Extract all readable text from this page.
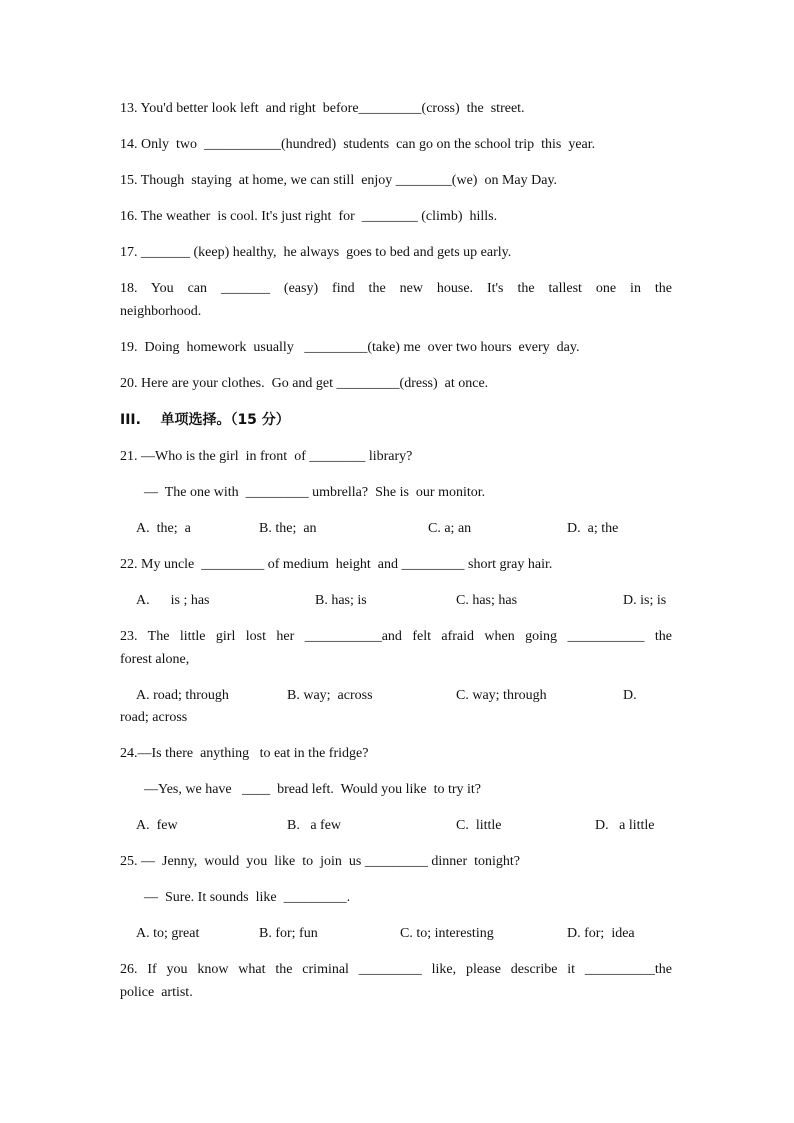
13. You'd better look left  and right  before_________(cross)  the  street.
14. Only  two  ___________(hundred)  students  can go on the school trip  this  year.
15. Though  staying  at home, we can still  enjoy ________(we)  on May Day.
16. The weather  is cool. It's just right  for  ________ (climb)  hills.
17. _______ (keep) healthy,  he always  goes to bed and gets up early.
18. You can _______ (easy) find the new house. It's the tallest one in the
neighborhood.
19.  Doing  homework  usually   _________(take) me  over two hours  every  day.
20. Here are your clothes.  Go and get _________(dress)  at once.
III.    单项选择。（15 分）
21. —Who is the girl  in front  of ________ library?
—  The one with  _________ umbrella?  She is  our monitor.
A.  the;  a	B. the;  an	C. a; an	D.  a; the
22. My uncle  _________ of medium  height  and _________ short gray hair.
A.      is ; has	B. has; is	C. has; has	D. is; is
23. The little girl lost her ___________and felt afraid when going ___________ the
forest alone,
A. road; through	B. way;  across	C. way; through	D.
road; across
24.—Is there  anything   to eat in the fridge?
—Yes, we have   ____  bread left.  Would you like  to try it?
A.  few	B.   a few	C.  little	D.   a little
25. —  Jenny,  would  you  like  to  join  us _________ dinner  tonight?
—  Sure. It sounds  like  _________.
A. to; great	B. for; fun	C. to; interesting	D. for;  idea
26. If you know what the criminal _________ like, please describe it __________the
police  artist.
